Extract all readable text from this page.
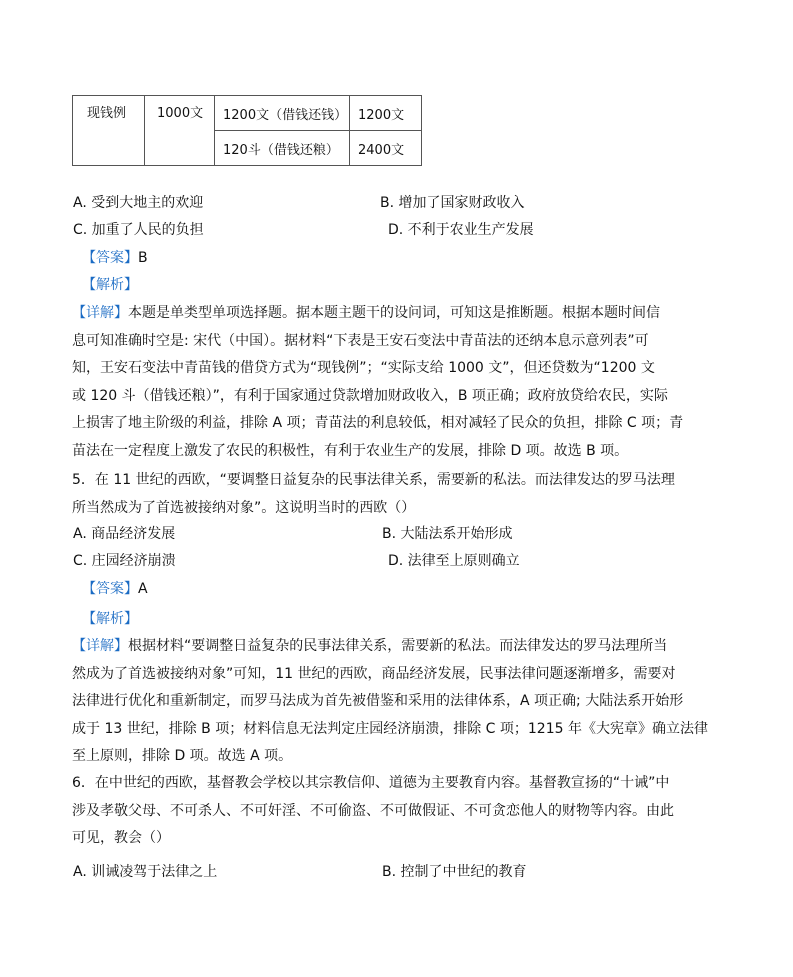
现钱例	1000文	1200文（借钱还钱）	1200文
		120斗（借钱还粮）	2400文
A. 受到大地主的欢迎	B. 增加了国家财政收入
C. 加重了人民的负担	D. 不利于农业生产发展
【答案】B
【解析】
【详解】本题是单类型单项选择题。据本题主题干的设问词，可知这是推断题。根据本题时间信
息可知准确时空是: 宋代（中国）。据材料“下表是王安石变法中青苗法的还纳本息示意列表”可
知，王安石变法中青苗钱的借贷方式为“现钱例”；“实际支给 1000 文”，但还贷数为“1200 文
或 120 斗（借钱还粮）”，有利于国家通过贷款增加财政收入，B 项正确；政府放贷给农民，实际
上损害了地主阶级的利益，排除 A 项；青苗法的利息较低，相对减轻了民众的负担，排除 C 项；青
苗法在一定程度上激发了农民的积极性，有利于农业生产的发展，排除 D 项。故选 B 项。
5．在 11 世纪的西欧，“要调整日益复杂的民事法律关系，需要新的私法。而法律发达的罗马法理
所当然成为了首选被接纳对象”。这说明当时的西欧（）
A. 商品经济发展	B. 大陆法系开始形成
C. 庄园经济崩溃	D. 法律至上原则确立
【答案】A
【解析】
【详解】根据材料“要调整日益复杂的民事法律关系，需要新的私法。而法律发达的罗马法理所当
然成为了首选被接纳对象”可知，11 世纪的西欧，商品经济发展，民事法律问题逐渐增多，需要对
法律进行优化和重新制定，而罗马法成为首先被借鉴和采用的法律体系，A 项正确; 大陆法系开始形
成于 13 世纪，排除 B 项；材料信息无法判定庄园经济崩溃，排除 C 项；1215 年《大宪章》确立法律
至上原则，排除 D 项。故选 A 项。
6．在中世纪的西欧，基督教会学校以其宗教信仰、道德为主要教育内容。基督教宣扬的“十诫”中
涉及孝敬父母、不可杀人、不可奸淫、不可偷盗、不可做假证、不可贪恋他人的财物等内容。由此
可见，教会（）
A. 训诫凌驾于法律之上	B. 控制了中世纪的教育
